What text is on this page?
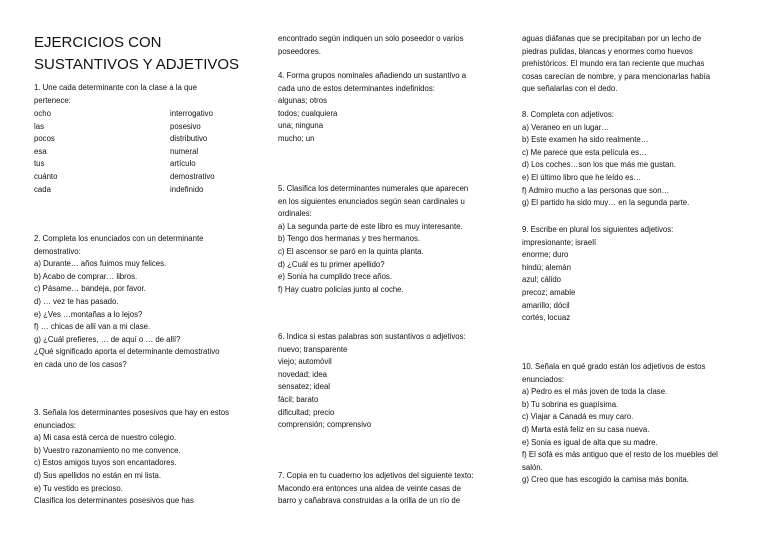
EJERCICIOS CON SUSTANTIVOS Y ADJETIVOS
1. Une cada determinante con la clase a la que
pertenece:
ocho	interrogativo
las	posesivo
pocos	distributivo
esa	numeral
tus	artículo
cuánto	demostrativo
cada	indefinido
2. Completa los enunciados con un determinante
demostrativo:
a) Durante… años fuimos muy felices.
b) Acabo de comprar… libros.
c) Pásame… bandeja, por favor.
d) … vez te has pasado.
e) ¿Ves …montañas a lo lejos?
f) … chicas de allí van a mi clase.
g) ¿Cuál prefieres, … de aquí o … de allí?
¿Qué significado aporta el determinante demostrativo
en cada uno de los casos?
3. Señala los determinantes posesivos que hay en estos
enunciados:
a) Mi casa está cerca de nuestro colegio.
b) Vuestro razonamiento no me convence.
c) Estos amigos tuyos son encantadores.
d) Sus apellidos no están en mi lista.
e) Tu vestido es precioso.
Clasifica los determinantes posesivos que has
encontrado según indiquen un solo poseedor o varios
poseedores.
4. Forma grupos nominales añadiendo un sustantivo a
cada uno de estos determinantes indefinidos:
algunas; otros
todos; cualquiera
una; ninguna
mucho; un
5. Clasifica los determinantes numerales que aparecen
en los siguientes enunciados según sean cardinales u
ordinales:
a) La segunda parte de este libro es muy interesante.
b) Tengo dos hermanas y tres hermanos.
c) El ascensor se paró en la quinta planta.
d) ¿Cuál es tu primer apellido?
e) Sonia ha cumplido trece años.
f) Hay cuatro policías junto al coche.
6. Indica si estas palabras son sustantivos o adjetivos:
nuevo; transparente
viejo; automóvil
novedad; idea
sensatez; ideal
fácil; barato
dificultad; precio
comprensión; comprensivo
7. Copia en tu cuaderno los adjetivos del siguiente texto:
Macondo era entonces una aldea de veinte casas de
barro y cañabrava construidas a la orilla de un río de
aguas diáfanas que se precipitaban por un lecho de
piedras pulidas, blancas y enormes como huevos
prehistóricos. El mundo era tan reciente que muchas
cosas carecían de nombre, y para mencionarlas había
que señalarlas con el dedo.
8. Completa con adjetivos:
a) Veraneo en un lugar…
b) Este examen ha sido realmente…
c) Me parece que esta película es…
d) Los coches…son los que más me gustan.
e) El último libro que he leído es…
f) Admiro mucho a las personas que son…
g) El partido ha sido muy… en la segunda parte.
9. Escribe en plural los siguientes adjetivos:
impresionante; israelí
enorme; duro
hindú; alemán
azul; cálido
precoz; amable
amarillo; dócil
cortés, locuaz
10. Señala en qué grado están los adjetivos de estos
enunciados:
a) Pedro es el más joven de toda la clase.
b) Tu sobrina es guapísima.
c) Viajar a Canadá es muy caro.
d) Marta está feliz en su casa nueva.
e) Sonia es igual de alta que su madre.
f) El sofá es más antiguo que el resto de los muebles del
salón.
g) Creo que has escogido la camisa más bonita.
